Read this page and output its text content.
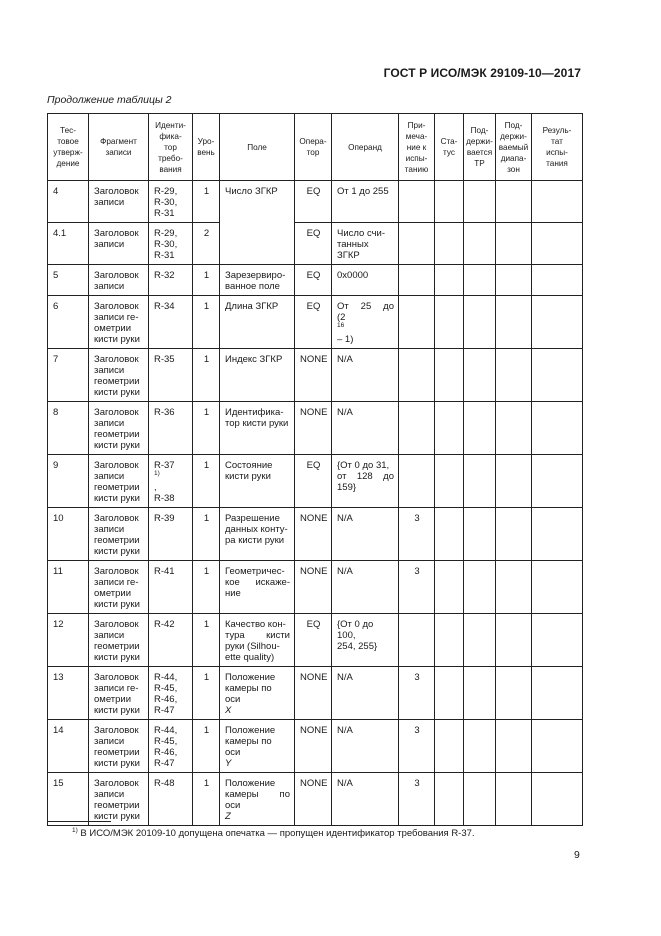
ГОСТ Р ИСО/МЭК 29109-10—2017
Продолжение таблицы 2
Тес-
товое
утверж-
дение	Фрагмент
записи	Иденти-
фика-
тор
требо-
вания	Уро-
вень	Поле	Опера-
тор	Операнд	При-
меча-
ние к
испы-
танию	Ста-
тус	Под-
держи-
вается
ТР	Под-
держи-
ваемый
диапа-
зон	Резуль-
тат
испы-
тания

4	Заголовок
записи	R-29,
R-30,
R-31	1	Число ЗГКР	EQ	От 1 до 255					

4.1	Заголовок
записи	R-29,
R-30,
R-31	2		EQ	Число счи-
танных
ЗГКР					

5	Заголовок
записи	R-32	1	Зарезервиро-
ванное поле	EQ	0x0000					

6	Заголовок
записи ге-
ометрии
кисти руки	R-34	1	Длина ЗГКР	EQ	От 25 до
(2
$^{16}$
– 1)					

7	Заголовок
записи
геометрии
кисти руки	R-35	1	Индекс ЗГКР	NONE	N/A					

8	Заголовок
записи
геометрии
кисти руки	R-36	1	Идентифика-
тор кисти руки	NONE	N/A					

9	Заголовок
записи
геометрии
кисти руки	R-37
$^{1)}$
,
R-38	1	Состояние
кисти руки	EQ	{От 0 до 31,
от 128 до
159}					

10	Заголовок
записи
геометрии
кисти руки	R-39	1	Разрешение
данных конту-
ра кисти руки	NONE	N/A	3				
11	Заголовок
записи ге-
ометрии
кисти руки	R-41	1	Геометричес-
кое искаже-
ние	NONE	N/A	3				
12	Заголовок
записи
геометрии
кисти руки	R-42	1	Качество кон-
тура кисти
руки (Silhou-
ette quality)	EQ	{От 0 до 100,
254, 255}					

13	Заголовок
записи ге-
ометрии
кисти руки	R-44,
R-45,
R-46,
R-47	1	Положение
камеры по
оси
X	NONE	N/A	3				
14	Заголовок
записи
геометрии
кисти руки	R-44,
R-45,
R-46,
R-47	1	Положение
камеры по
оси
Y	NONE	N/A	3				
15	Заголовок
записи
геометрии
кисти руки	R-48	1	Положение
камеры по
оси
Z	NONE	N/A	3				
$^{1)}$ В ИСО/МЭК 20109-10 допущена опечатка — пропущен идентификатор требования R-37.
9
